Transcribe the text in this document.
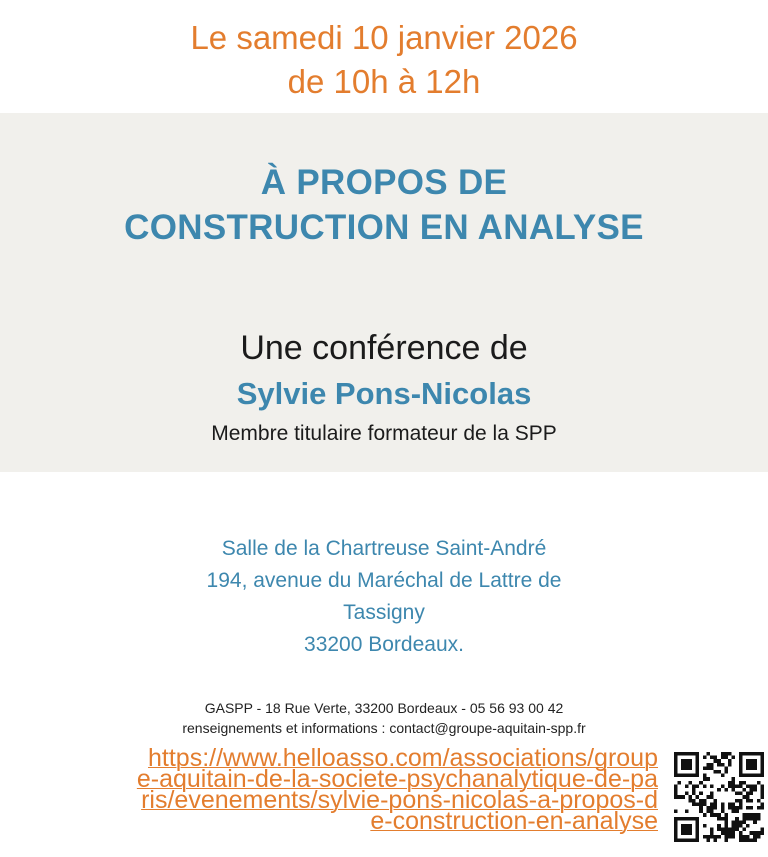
Le samedi 10 janvier 2026
de 10h à 12h
À PROPOS DE
CONSTRUCTION EN ANALYSE
Une conférence de
Sylvie Pons-Nicolas
Membre titulaire formateur de la SPP
Salle de la Chartreuse Saint-André
194, avenue du Maréchal de Lattre de
Tassigny
33200 Bordeaux.
GASPP - 18 Rue Verte, 33200 Bordeaux - 05 56 93 00 42
renseignements et informations : contact@groupe-aquitain-spp.fr
https://www.helloasso.com/associations/group
e-aquitain-de-la-societe-psychanalytique-de-pa
ris/evenements/sylvie-pons-nicolas-a-propos-d
e-construction-en-analyse
